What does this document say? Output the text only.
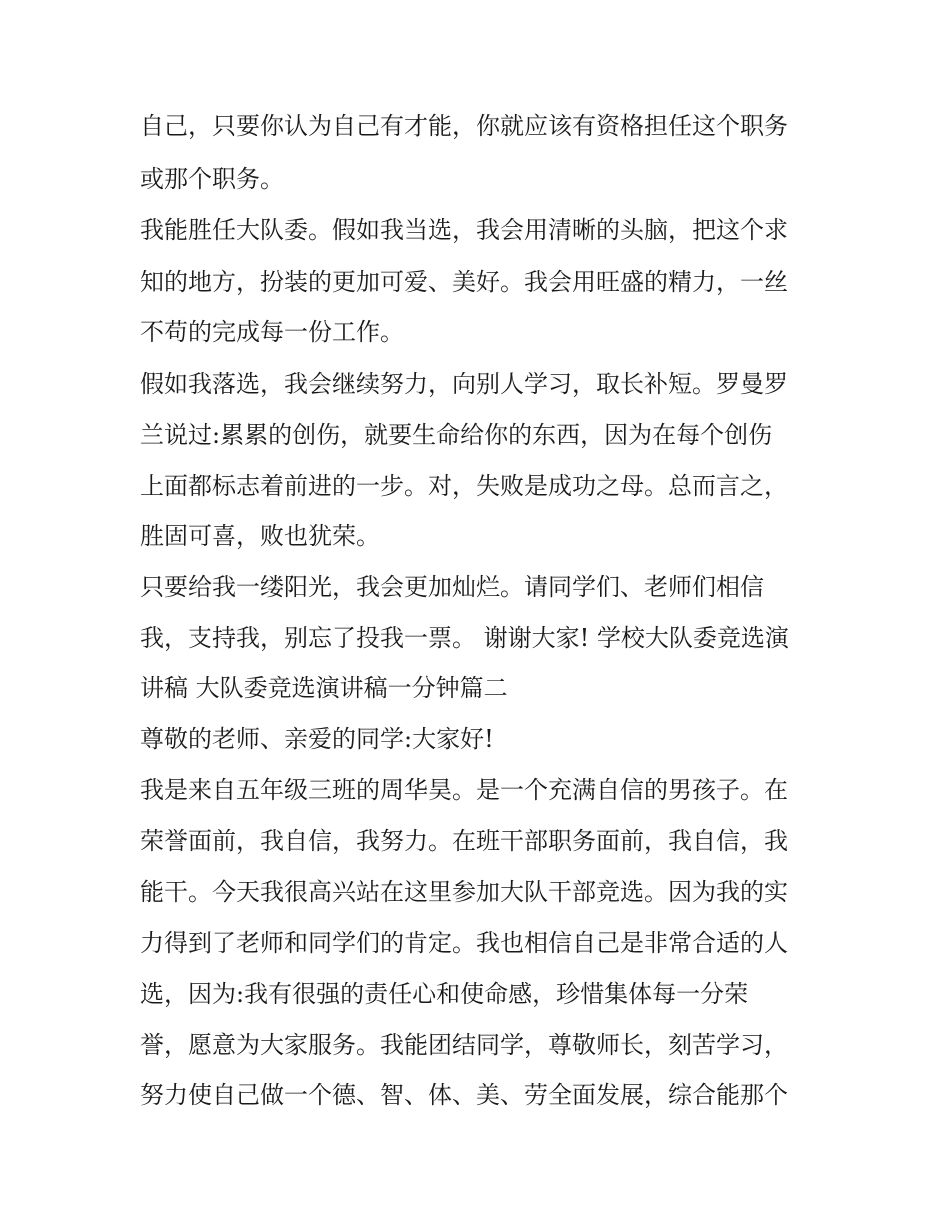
自己，只要你认为自己有才能，你就应该有资格担任这个职务
或那个职务。
我能胜任大队委。假如我当选，我会用清晰的头脑，把这个求
知的地方，扮装的更加可爱、美好。我会用旺盛的精力，一丝
不苟的完成每一份工作。
假如我落选，我会继续努力，向别人学习，取长补短。罗曼罗
兰说过:累累的创伤，就要生命给你的东西，因为在每个创伤
上面都标志着前进的一步。对，失败是成功之母。总而言之，
胜固可喜，败也犹荣。
只要给我一缕阳光，我会更加灿烂。请同学们、老师们相信
我，支持我，别忘了投我一票。 谢谢大家! 学校大队委竞选演
讲稿 大队委竞选演讲稿一分钟篇二
尊敬的老师、亲爱的同学:大家好!
我是来自五年级三班的周华昊。是一个充满自信的男孩子。在
荣誉面前，我自信，我努力。在班干部职务面前，我自信，我
能干。今天我很高兴站在这里参加大队干部竞选。因为我的实
力得到了老师和同学们的肯定。我也相信自己是非常合适的人
选，因为:我有很强的责任心和使命感，珍惜集体每一分荣
誉，愿意为大家服务。我能团结同学，尊敬师长，刻苦学习，
努力使自己做一个德、智、体、美、劳全面发展，综合能那个
